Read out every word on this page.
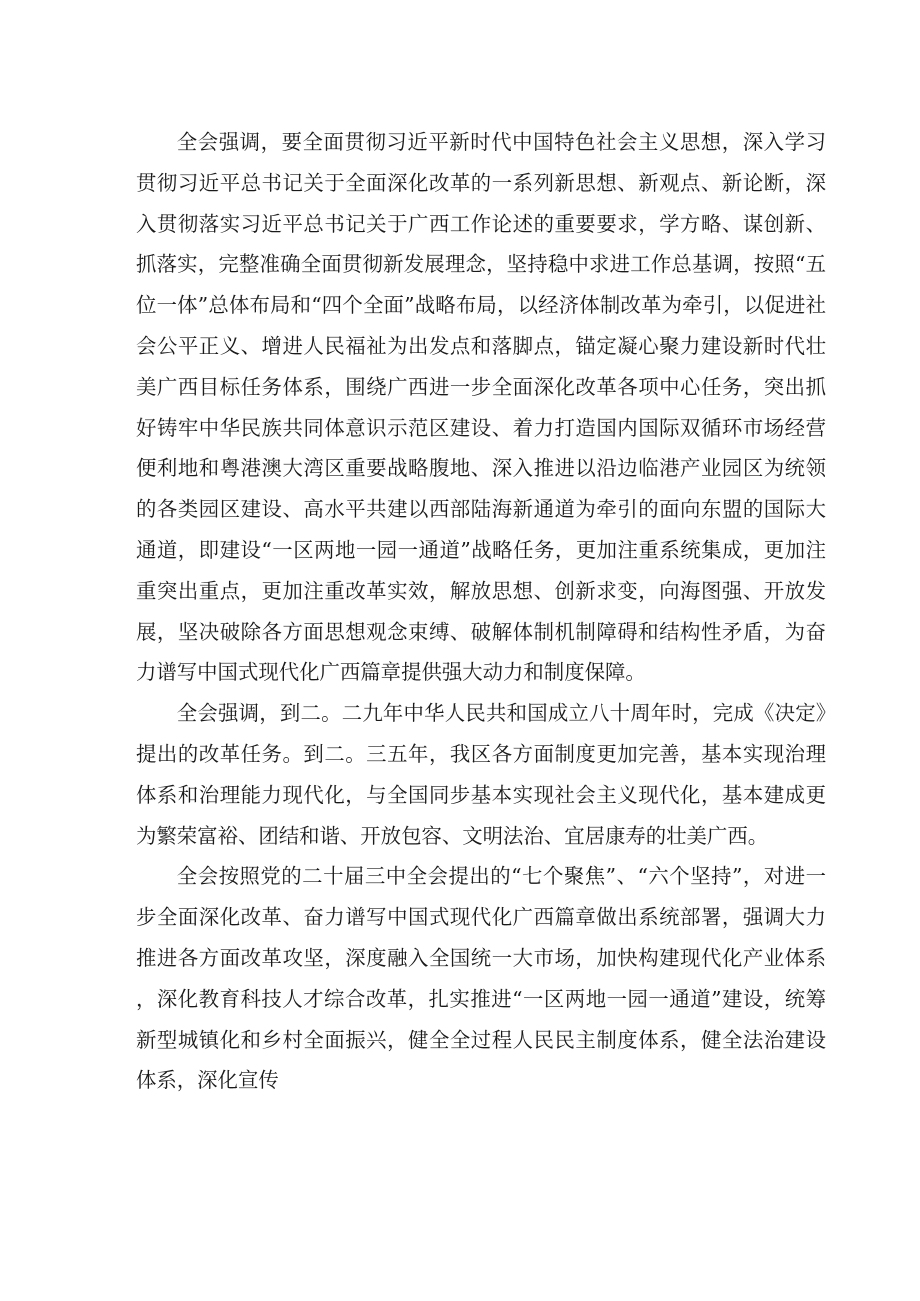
全会强调，要全面贯彻习近平新时代中国特色社会主义思想，深入学习贯彻习近平总书记关于全面深化改革的一系列新思想、新观点、新论断，深入贯彻落实习近平总书记关于广西工作论述的重要要求，学方略、谋创新、抓落实，完整准确全面贯彻新发展理念，坚持稳中求进工作总基调，按照“五位一体”总体布局和“四个全面”战略布局，以经济体制改革为牵引，以促进社会公平正义、增进人民福祉为出发点和落脚点，锚定凝心聚力建设新时代壮美广西目标任务体系，围绕广西进一步全面深化改革各项中心任务，突出抓好铸牢中华民族共同体意识示范区建设、着力打造国内国际双循环市场经营便利地和粤港澳大湾区重要战略腹地、深入推进以沿边临港产业园区为统领的各类园区建设、高水平共建以西部陆海新通道为牵引的面向东盟的国际大通道，即建设“一区两地一园一通道”战略任务，更加注重系统集成，更加注重突出重点，更加注重改革实效，解放思想、创新求变，向海图强、开放发展，坚决破除各方面思想观念束缚、破解体制机制障碍和结构性矛盾，为奋力谱写中国式现代化广西篇章提供强大动力和制度保障。

全会强调，到二。二九年中华人民共和国成立八十周年时，完成《决定》提出的改革任务。到二。三五年，我区各方面制度更加完善，基本实现治理体系和治理能力现代化，与全国同步基本实现社会主义现代化，基本建成更为繁荣富裕、团结和谐、开放包容、文明法治、宜居康寿的壮美广西。

全会按照党的二十届三中全会提出的“七个聚焦”、“六个坚持”，对进一步全面深化改革、奋力谱写中国式现代化广西篇章做出系统部署，强调大力推进各方面改革攻坚，深度融入全国统一大市场，加快构建现代化产业体系，深化教育科技人才综合改革，扎实推进“一区两地一园一通道”建设，统筹新型城镇化和乡村全面振兴，健全全过程人民民主制度体系，健全法治建设体系，深化宣传
